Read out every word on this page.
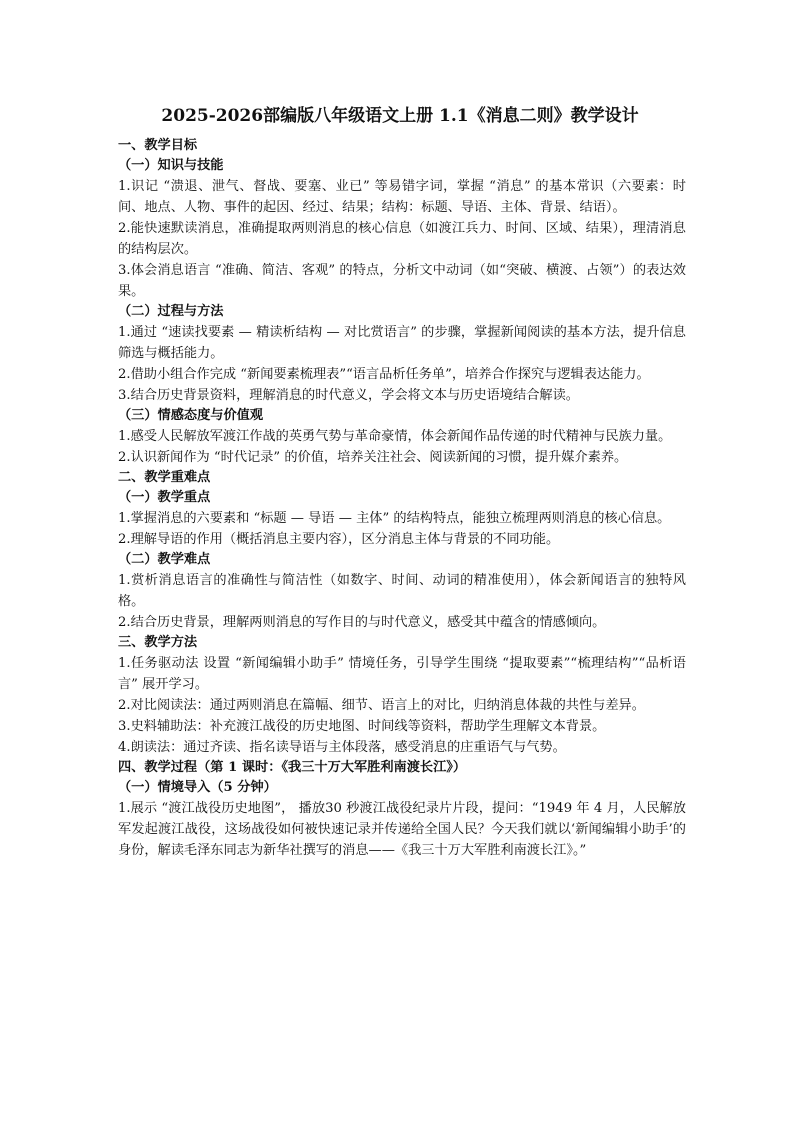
2025-2026部编版八年级语文上册 1.1《消息二则》教学设计
一、教学目标
（一）知识与技能
1.识记 “溃退、泄气、督战、要塞、业已” 等易错字词，掌握 “消息” 的基本常识（六要素：时间、地点、人物、事件的起因、经过、结果；结构：标题、导语、主体、背景、结语）。
2.能快速默读消息，准确提取两则消息的核心信息（如渡江兵力、时间、区域、结果），理清消息的结构层次。
3.体会消息语言 “准确、简洁、客观” 的特点，分析文中动词（如“突破、横渡、占领”）的表达效果。
（二）过程与方法
1.通过 “速读找要素 — 精读析结构 — 对比赏语言” 的步骤，掌握新闻阅读的基本方法，提升信息筛选与概括能力。
2.借助小组合作完成 “新闻要素梳理表”“语言品析任务单”，培养合作探究与逻辑表达能力。
3.结合历史背景资料，理解消息的时代意义，学会将文本与历史语境结合解读。
（三）情感态度与价值观
1.感受人民解放军渡江作战的英勇气势与革命豪情，体会新闻作品传递的时代精神与民族力量。
2.认识新闻作为 “时代记录” 的价值，培养关注社会、阅读新闻的习惯，提升媒介素养。
二、教学重难点
（一）教学重点
1.掌握消息的六要素和 “标题 — 导语 — 主体” 的结构特点，能独立梳理两则消息的核心信息。
2.理解导语的作用（概括消息主要内容），区分消息主体与背景的不同功能。
（二）教学难点
1.赏析消息语言的准确性与简洁性（如数字、时间、动词的精准使用），体会新闻语言的独特风格。
2.结合历史背景，理解两则消息的写作目的与时代意义，感受其中蕴含的情感倾向。
三、教学方法
1.任务驱动法 设置 “新闻编辑小助手” 情境任务，引导学生围绕 “提取要素”“梳理结构”“品析语言” 展开学习。
2.对比阅读法：通过两则消息在篇幅、细节、语言上的对比，归纳消息体裁的共性与差异。
3.史料辅助法：补充渡江战役的历史地图、时间线等资料，帮助学生理解文本背景。
4.朗读法：通过齐读、指名读导语与主体段落，感受消息的庄重语气与气势。
四、教学过程（第 1 课时：《我三十万大军胜利南渡长江》）
（一）情境导入（5 分钟）
1.展示 “渡江战役历史地图”， 播放30 秒渡江战役纪录片片段，提问：“1949 年 4 月，人民解放军发起渡江战役，这场战役如何被快速记录并传递给全国人民？今天我们就以‘新闻编辑小助手’的身份，解读毛泽东同志为新华社撰写的消息——《我三十万大军胜利南渡长江》。”
